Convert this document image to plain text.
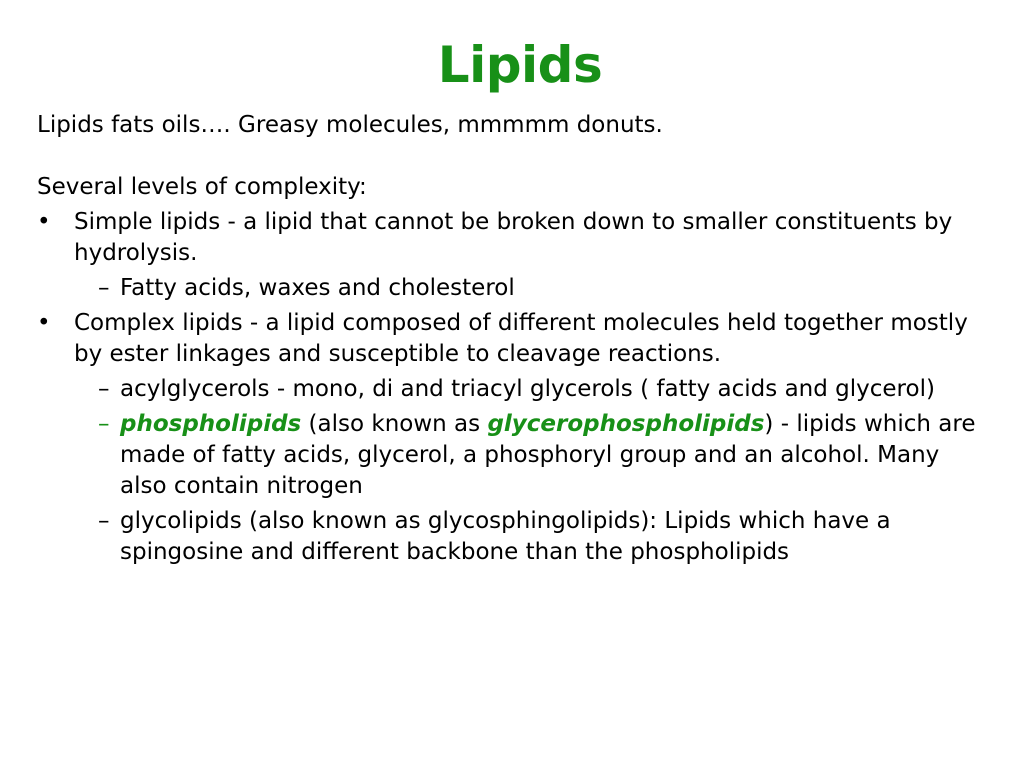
Lipids

Lipids fats oils…. Greasy molecules, mmmmm donuts.

Several levels of complexity:

• Simple lipids - a lipid that cannot be broken down to smaller constituents by hydrolysis.
– Fatty acids, waxes and cholesterol
• Complex lipids - a lipid composed of different molecules held together mostly by ester linkages and susceptible to cleavage reactions.
– acylglycerols - mono, di and triacyl glycerols ( fatty acids and glycerol)
– phospholipids (also known as glycerophospholipids) - lipids which are made of fatty acids, glycerol, a phosphoryl group and an alcohol. Many also contain nitrogen
– glycolipids (also known as glycosphingolipids): Lipids which have a spingosine and different backbone than the phospholipids
